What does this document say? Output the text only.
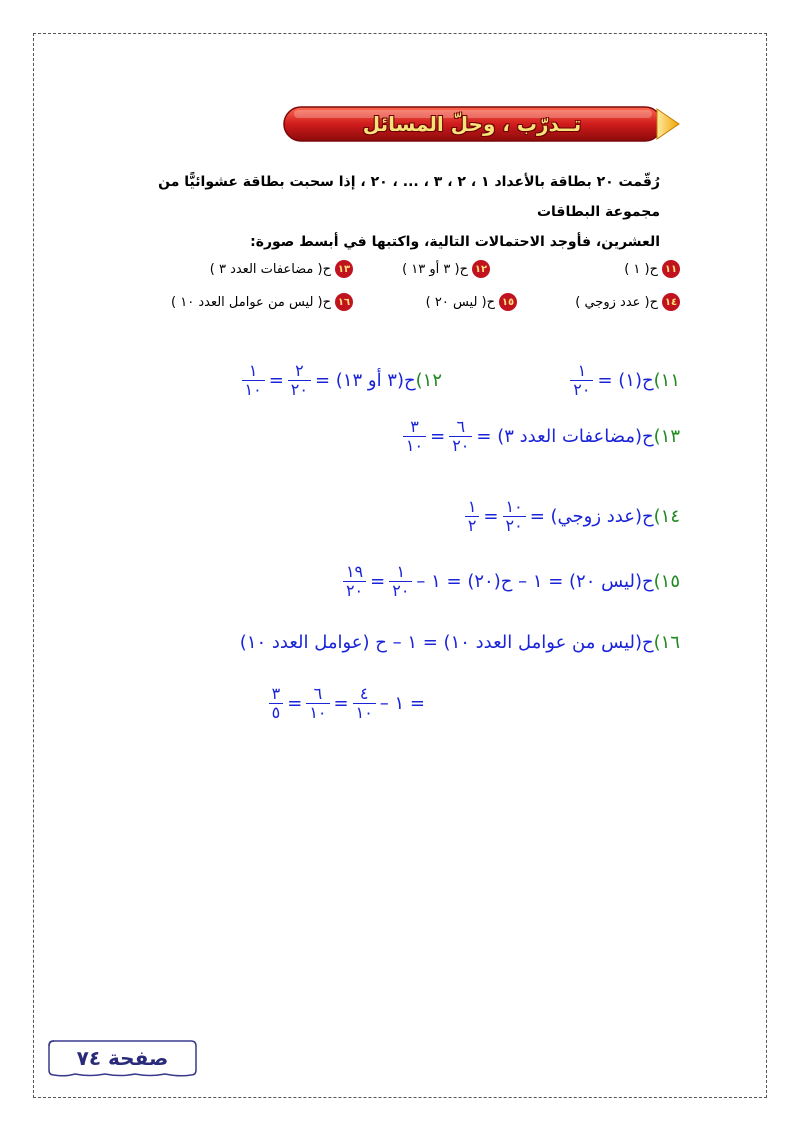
تــدرّب ، وحلّ المسائل

رُقّمت ٢٠ بطاقة بالأعداد ١ ، ٢ ، ٣ ، ... ، ٢٠ ، إذا سحبت بطاقة عشوائيًّا من مجموعة البطاقات

العشرين، فأوجد الاحتمالات التالية، واكتبها في أبسط صورة:

١١
ح( ١ )
١٢
ح( ٣ أو ١٣ )
١٣
ح( مضاعفات العدد ٣ )
١٤
ح( عدد زوجي )
١٥
ح( ليس ٢٠ )
١٦
ح( ليس من عوامل العدد ١٠ )
١١)
ح(١) =
$\frac{١}{٢٠}$
١٢)
ح(٣ أو ١٣) =
$\frac{٢}{٢٠}$
=
$\frac{١}{١٠}$
١٣)
ح(مضاعفات العدد ٣) =
$\frac{٦}{٢٠}$
=
$\frac{٣}{١٠}$
١٤)
ح(عدد زوجي) =
$\frac{١٠}{٢٠}$
=
$\frac{١}{٢}$
١٥)
ح(ليس ٢٠) = ١ – ح(٢٠) = ١ –
$\frac{١}{٢٠}$
=
$\frac{١٩}{٢٠}$
١٦)
ح(ليس من عوامل العدد ١٠) = ١ – ح (عوامل العدد ١٠)
= ١ –
$\frac{٤}{١٠}$
=
$\frac{٦}{١٠}$
=
$\frac{٣}{٥}$
صفحة ٧٤
